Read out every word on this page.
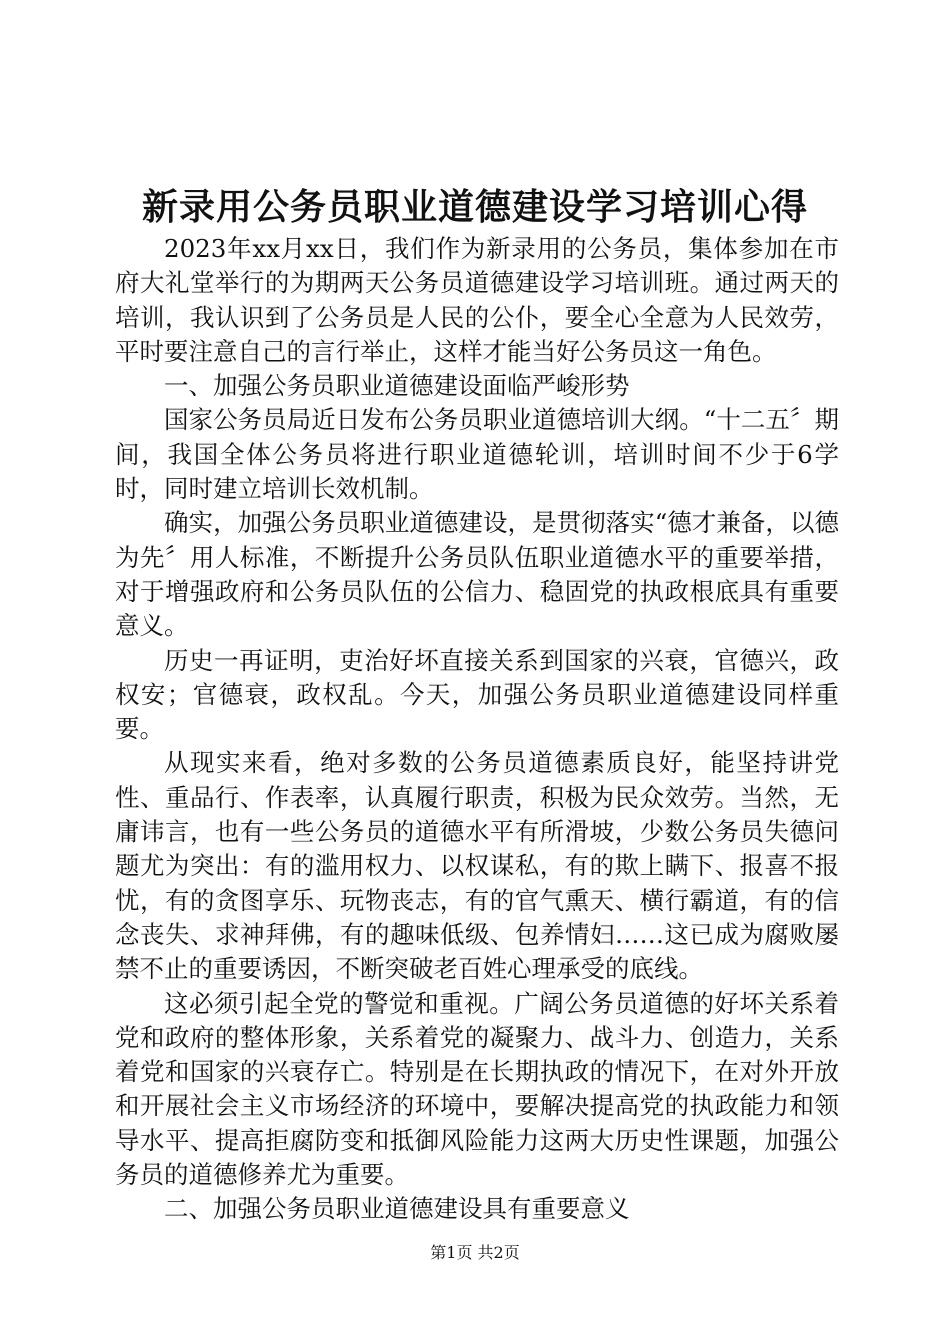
新录用公务员职业道德建设学习培训心得

2023年xx月xx日，我们作为新录用的公务员，集体参加在市府大礼堂举行的为期两天公务员道德建设学习培训班。通过两天的培训，我认识到了公务员是人民的公仆，要全心全意为人民效劳，平时要注意自己的言行举止，这样才能当好公务员这一角色。

一、加强公务员职业道德建设面临严峻形势

国家公务员局近日发布公务员职业道德培训大纲。“十二五〞期间，我国全体公务员将进行职业道德轮训，培训时间不少于6学时，同时建立培训长效机制。

确实，加强公务员职业道德建设，是贯彻落实“德才兼备，以德为先〞用人标准，不断提升公务员队伍职业道德水平的重要举措，对于增强政府和公务员队伍的公信力、稳固党的执政根底具有重要意义。

历史一再证明，吏治好坏直接关系到国家的兴衰，官德兴，政权安；官德衰，政权乱。今天，加强公务员职业道德建设同样重要。

从现实来看，绝对多数的公务员道德素质良好，能坚持讲党性、重品行、作表率，认真履行职责，积极为民众效劳。当然，无庸讳言，也有一些公务员的道德水平有所滑坡，少数公务员失德问题尤为突出：有的滥用权力、以权谋私，有的欺上瞒下、报喜不报忧，有的贪图享乐、玩物丧志，有的官气熏天、横行霸道，有的信念丧失、求神拜佛，有的趣味低级、包养情妇……这已成为腐败屡禁不止的重要诱因，不断突破老百姓心理承受的底线。

这必须引起全党的警觉和重视。广阔公务员道德的好坏关系着党和政府的整体形象，关系着党的凝聚力、战斗力、创造力，关系着党和国家的兴衰存亡。特别是在长期执政的情况下，在对外开放和开展社会主义市场经济的环境中，要解决提高党的执政能力和领导水平、提高拒腐防变和抵御风险能力这两大历史性课题，加强公务员的道德修养尤为重要。

二、加强公务员职业道德建设具有重要意义

第1页 共2页
